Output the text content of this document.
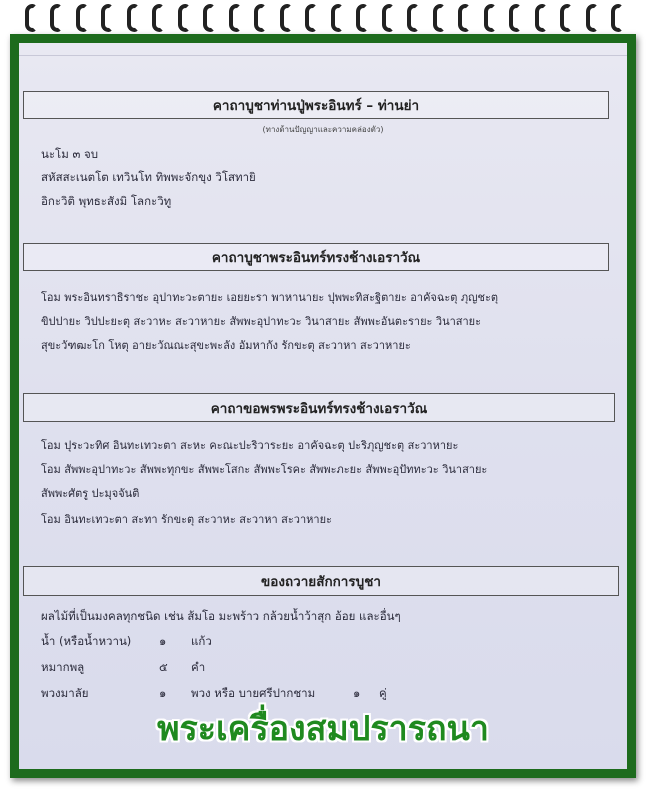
คาถาบูชาท่านปู่พระอินทร์ – ท่านย่า
(ทางด้านปัญญาและความคล่องตัว)
นะโม ๓ จบ
สหัสสะเนตโต เทวินโท ทิพพะจักขุง วิโสทายิ
อิกะวิติ พุทธะสังมิ โลกะวิทู
คาถาบูชาพระอินทร์ทรงช้างเอราวัณ
โอม พระอินทราธิราชะ อุปาทะวะตายะ เอยยะรา พาหานายะ ปุพพะทิสะฐิตายะ อาคัจฉะตุ ภุญชะตุ
ขิปปายะ วิปปะยะตุ สะวาหะ สะวาหายะ สัพพะอุปาทะวะ วินาสายะ สัพพะอันตะรายะ วินาสายะ
สุขะวัฑฒะโก โหตุ อายะวัณณะสุขะพะลัง อัมหากัง รักขะตุ สะวาหา สะวาหายะ
คาถาขอพรพระอินทร์ทรงช้างเอราวัณ
โอม ปุระวะทิศ อินทะเทวะตา สะหะ คะณะปะริวาระยะ อาคัจฉะตุ ปะริภุญชะตุ สะวาหายะ
โอม สัพพะอุปาทะวะ สัพพะทุกขะ สัพพะโสกะ สัพพะโรคะ สัพพะภะยะ สัพพะอุปัททะวะ วินาสายะ
สัพพะศัตรู ปะมุจจันติ
โอม อินทะเทวะตา สะทา รักขะตุ สะวาหะ สะวาหา สะวาหายะ
ของถวายสักการบูชา
ผลไม้ที่เป็นมงคลทุกชนิด เช่น ส้มโอ มะพร้าว กล้วยน้ำว้าสุก อ้อย และอื่นๆ
น้ำ (หรือน้ำหวาน) ๑ แก้ว
หมากพลู	๕ คำ
พวงมาลัย	๑ พวง หรือ บายศรีปากชาม	๑ คู่
พระเครื่องสมปรารถนา
